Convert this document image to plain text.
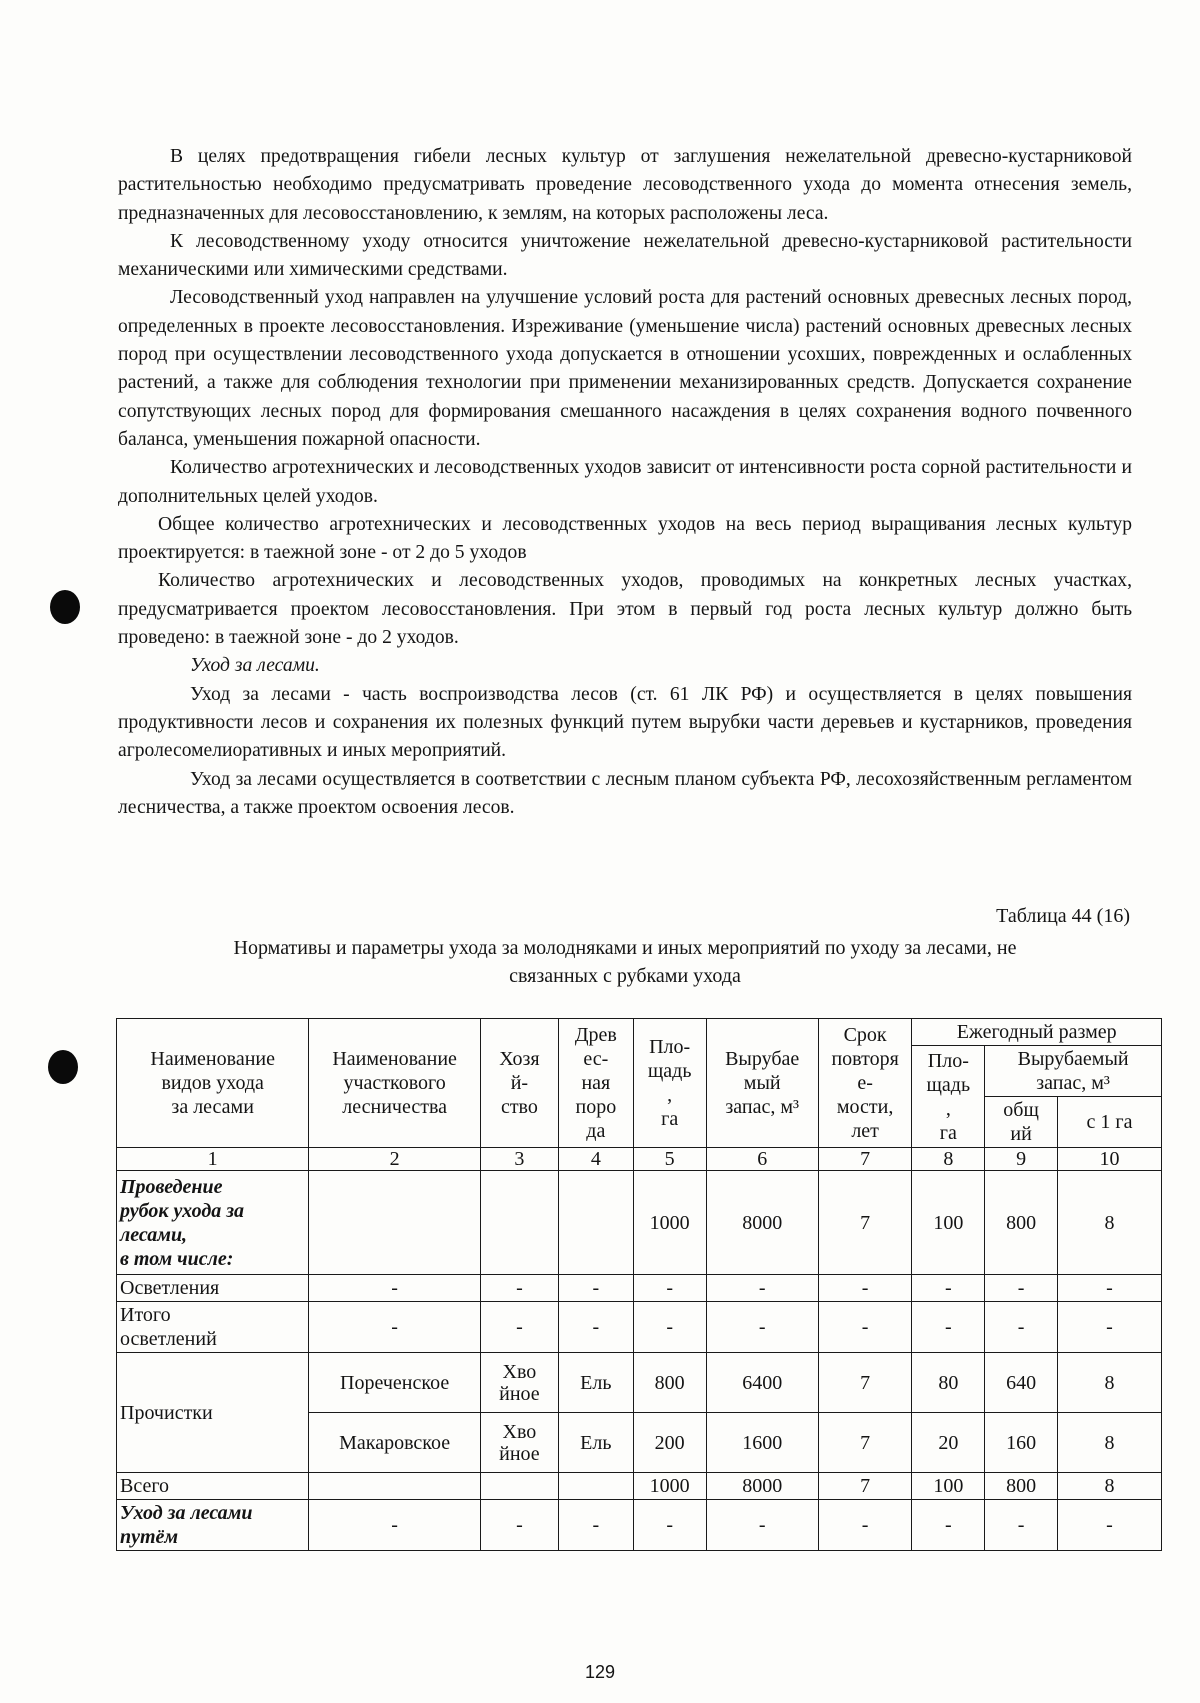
В целях предотвращения гибели лесных культур от заглушения нежелательной древесно-кустарниковой растительностью необходимо предусматривать проведение лесоводственного ухода до момента отнесения земель, предназначенных для лесовосстановлению, к землям, на которых расположены леса.

К лесоводственному уходу относится уничтожение нежелательной древесно-кустарниковой растительности механическими или химическими средствами.

Лесоводственный уход направлен на улучшение условий роста для растений основных древесных лесных пород, определенных в проекте лесовосстановления. Изреживание (уменьшение числа) растений основных древесных лесных пород при осуществлении лесоводственного ухода допускается в отношении усохших, поврежденных и ослабленных растений, а также для соблюдения технологии при применении механизированных средств. Допускается сохранение сопутствующих лесных пород для формирования смешанного насаждения в целях сохранения водного почвенного баланса, уменьшения пожарной опасности.

Количество агротехнических и лесоводственных уходов зависит от интенсивности роста сорной растительности и дополнительных целей уходов.

Общее количество агротехнических и лесоводственных уходов на весь период выращивания лесных культур проектируется: в таежной зоне - от 2 до 5 уходов

Количество агротехнических и лесоводственных уходов, проводимых на конкретных лесных участках, предусматривается проектом лесовосстановления. При этом в первый год роста лесных культур должно быть проведено: в таежной зоне - до 2 уходов.

Уход за лесами.

Уход за лесами - часть воспроизводства лесов (ст. 61 ЛК РФ) и осуществляется в целях повышения продуктивности лесов и сохранения их полезных функций путем вырубки части деревьев и кустарников, проведения агролесомелиоративных и иных мероприятий.

Уход за лесами осуществляется в соответствии с лесным планом субъекта РФ, лесохозяйственным регламентом лесничества, а также проектом освоения лесов.

Таблица 44 (16)
Нормативы и параметры ухода за молодняками и иных мероприятий по уходу за лесами, не
связанных с рубками ухода
Наименование
видов ухода
за лесами	Наименование
участкового
лесничества	Хозя
й-
ство	Древ
ес-
ная
поро
да	Пло-
щадь
,
га	Вырубае
мый
запас, м³	Срок
повторя
е-
мости,
лет	Ежегодный размер		
							Пло-
щадь
,
га	Вырубаемый
запас, м³	
								общ
ий	с 1 га
1	2	3	4	5	6	7	8	9	10
Проведение
рубок ухода за
лесами,
в том числе:				1000	8000	7	100	800	8
Осветления	-	-	-	-	-	-	-	-	-
Итого
осветлений	-	-	-	-	-	-	-	-	-
Прочистки	Пореченское	Хво
йное	Ель	800	6400	7	80	640	8
	Макаровское	Хво
йное	Ель	200	1600	7	20	160	8
Всего				1000	8000	7	100	800	8
Уход за лесами
путём	-	-	-	-	-	-	-	-	-
129
